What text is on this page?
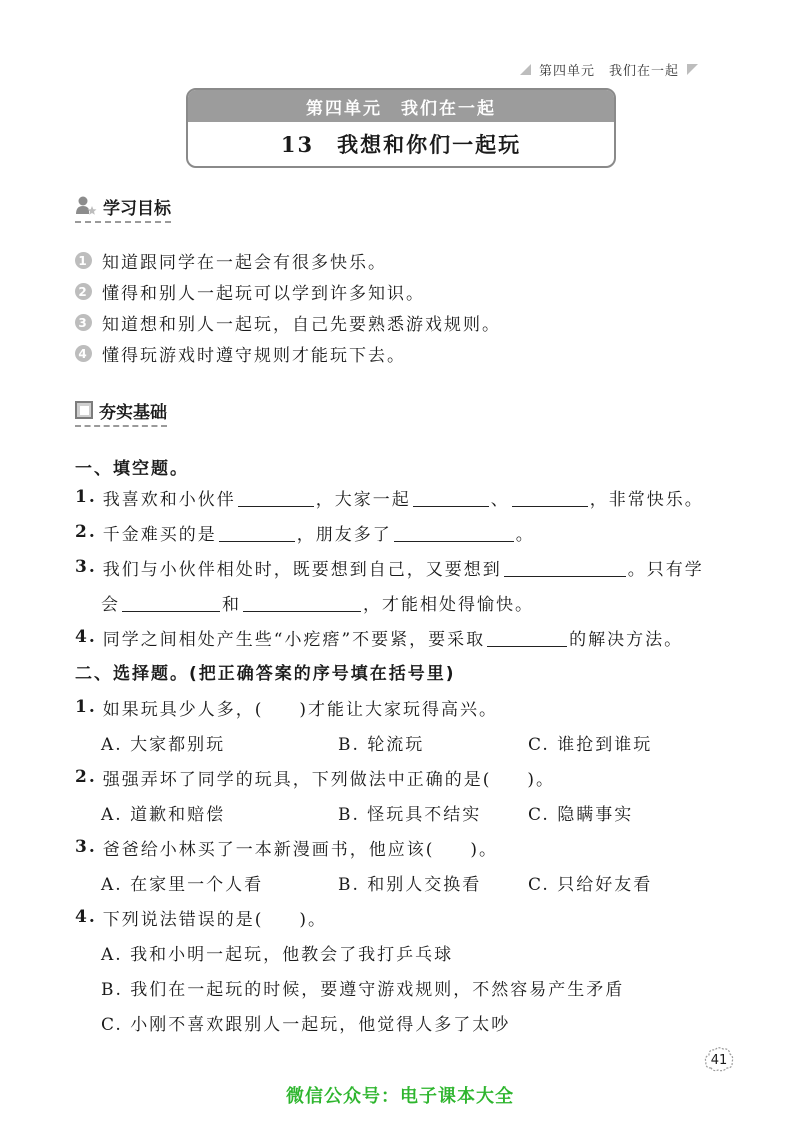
第四单元　我们在一起
第四单元　我们在一起
13　我想和你们一起玩
学习目标
1 知道跟同学在一起会有很多快乐。
2 懂得和别人一起玩可以学到许多知识。
3 知道想和别人一起玩，自己先要熟悉游戏规则。
4 懂得玩游戏时遵守规则才能玩下去。
夯实基础
一、填空题。
1. 我喜欢和小伙伴	，大家一起	、	，非常快乐。
2. 千金难买的是	，朋友多了	。
3. 我们与小伙伴相处时，既要想到自己，又要想到	。只有学
会	和	，才能相处得愉快。
4. 同学之间相处产生些“小疙瘩”不要紧，要采取	的解决方法。
二、选择题。(把正确答案的序号填在括号里)
1. 如果玩具少人多，( )才能让大家玩得高兴。
A. 大家都别玩	B. 轮流玩	C. 谁抢到谁玩
2. 强强弄坏了同学的玩具，下列做法中正确的是( )。
A. 道歉和赔偿	B. 怪玩具不结实	C. 隐瞒事实
3. 爸爸给小林买了一本新漫画书，他应该( )。
A. 在家里一个人看	B. 和别人交换看	C. 只给好友看
4. 下列说法错误的是( )。
A. 我和小明一起玩，他教会了我打乒乓球
B. 我们在一起玩的时候，要遵守游戏规则，不然容易产生矛盾
C. 小刚不喜欢跟别人一起玩，他觉得人多了太吵
41
微信公众号：电子课本大全
